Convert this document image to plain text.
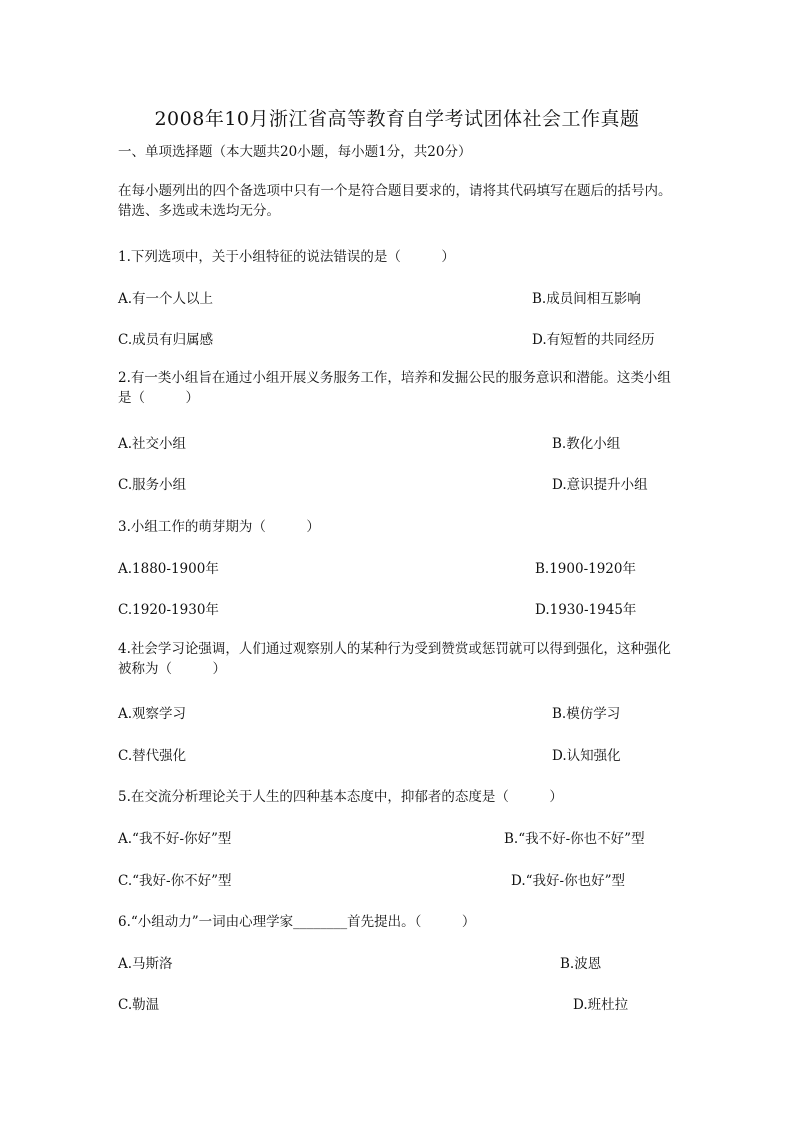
2008年10月浙江省高等教育自学考试团体社会工作真题
一、单项选择题（本大题共20小题，每小题1分，共20分）
在每小题列出的四个备选项中只有一个是符合题目要求的，请将其代码填写在题后的括号内。错选、多选或未选均无分。
1.下列选项中，关于小组特征的说法错误的是（　　　）
A.有一个人以上	B.成员间相互影响
C.成员有归属感	D.有短暂的共同经历
2.有一类小组旨在通过小组开展义务服务工作，培养和发掘公民的服务意识和潜能。这类小组是（　　　）
A.社交小组	B.教化小组
C.服务小组	D.意识提升小组
3.小组工作的萌芽期为（　　　）
A.1880-1900年	B.1900-1920年
C.1920-1930年	D.1930-1945年
4.社会学习论强调，人们通过观察别人的某种行为受到赞赏或惩罚就可以得到强化，这种强化被称为（　　　）
A.观察学习	B.模仿学习
C.替代强化	D.认知强化
5.在交流分析理论关于人生的四种基本态度中，抑郁者的态度是（　　　）
A.“我不好-你好”型	B.“我不好-你也不好”型
C.“我好-你不好”型	D.“我好-你也好”型
6.“小组动力”一词由心理学家________首先提出。（　　　）
A.马斯洛	B.波恩
C.勒温	D.班杜拉
